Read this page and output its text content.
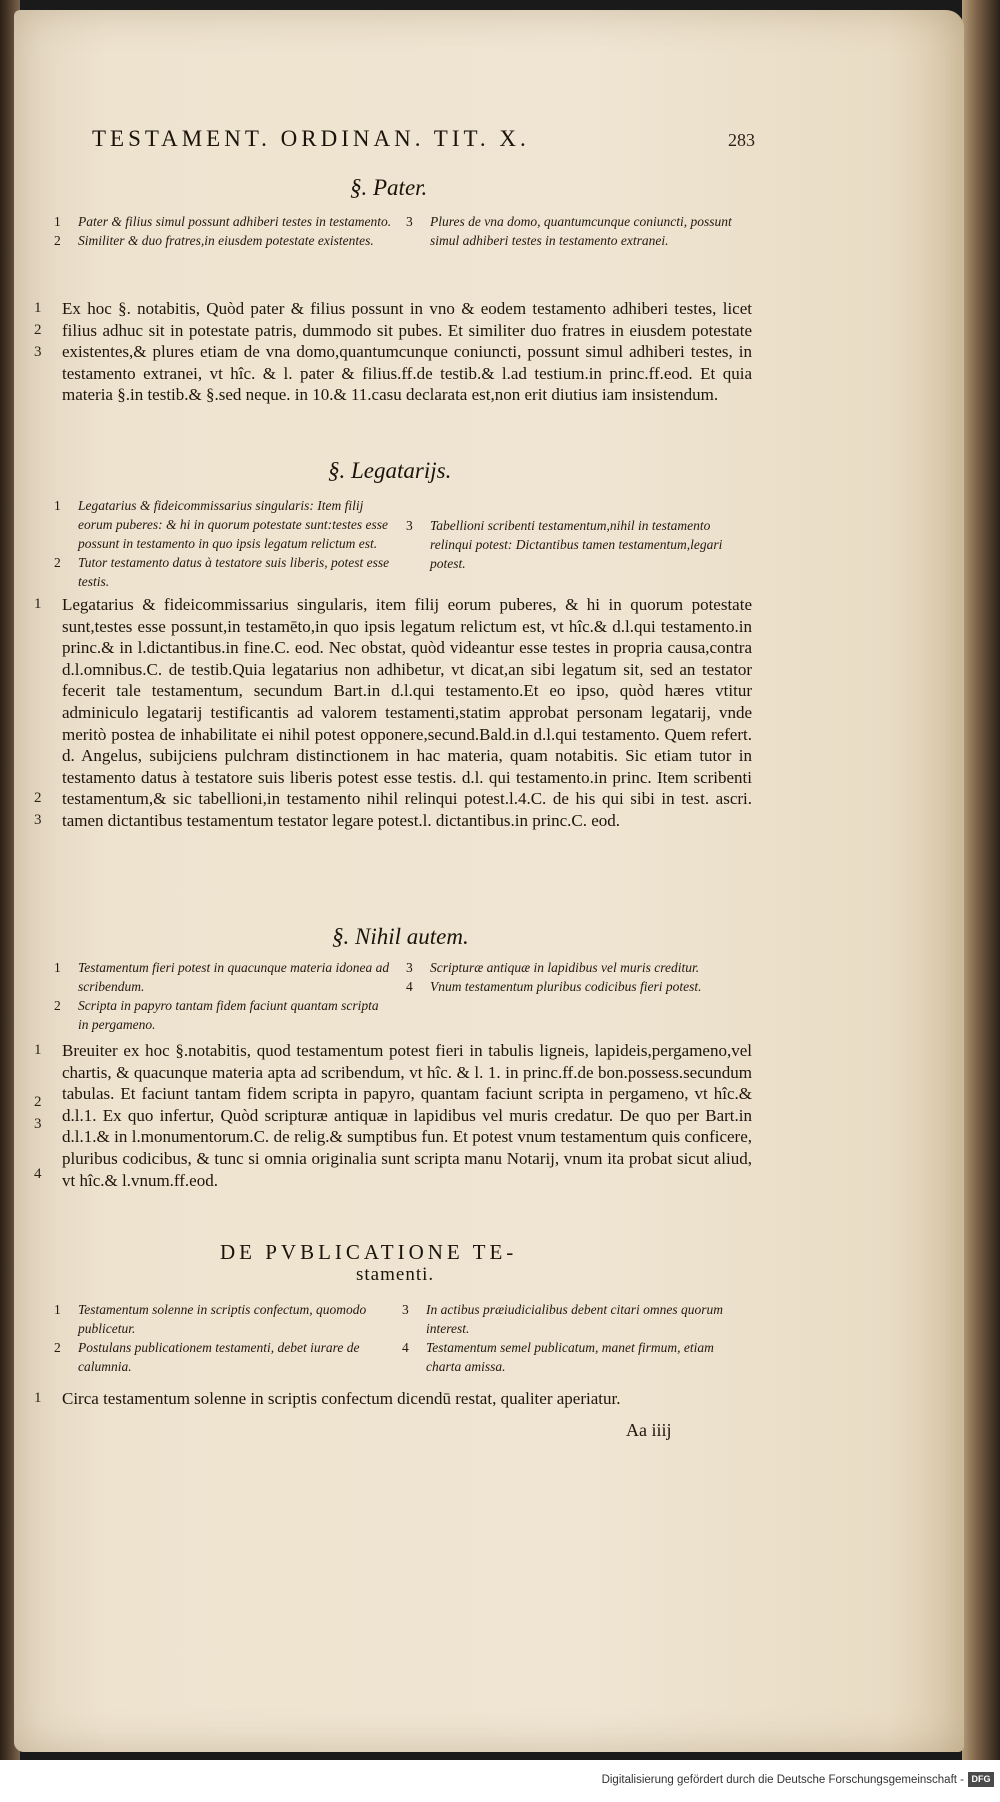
TESTAMENT. ORDINAN. TIT. X.	283
§. Pater.
1 Pater & filius simul possunt adhiberi testes in testamento.
2 Similiter & duo fratres,in eiusdem potestate existentes.
3 Plures de vna domo, quantumcunque coniuncti, possunt simul adhiberi testes in testamento extranei.
1
2
3
Ex hoc §. notabitis, Quòd pater & filius possunt in vno & eodem testamento adhiberi testes, licet filius adhuc sit in potestate patris, dummodo sit pubes. Et similiter duo fratres in eiusdem potestate existentes,& plures etiam de vna domo,quantumcunque coniuncti, possunt simul adhiberi testes, in testamento extranei, vt hîc. & l. pater & filius.ff.de testib.& l.ad testium.in princ.ff.eod. Et quia materia §.in testib.& §.sed neque. in 10.& 11.casu declarata est,non erit diutius iam insistendum.
§. Legatarijs.
1 Legatarius & fideicommissarius singularis: Item filij eorum puberes: & hi in quorum potestate sunt:testes esse possunt in testamento in quo ipsis legatum relictum est.
2 Tutor testamento datus à testatore suis liberis, potest esse testis.
3 Tabellioni scribenti testamentum,nihil in testamento relinqui potest: Dictantibus tamen testamentum,legari potest.
1
2
3
Legatarius & fideicommissarius singularis, item filij eorum puberes, & hi in quorum potestate sunt,testes esse possunt,in testamēto,in quo ipsis legatum relictum est, vt hîc.& d.l.qui testamento.in princ.& in l.dictantibus.in fine.C. eod. Nec obstat, quòd videantur esse testes in propria causa,contra d.l.omnibus.C. de testib.Quia legatarius non adhibetur, vt dicat,an sibi legatum sit, sed an testator fecerit tale testamentum, secundum Bart.in d.l.qui testamento.Et eo ipso, quòd hæres vtitur adminiculo legatarij testificantis ad valorem testamenti,statim approbat personam legatarij, vnde meritò postea de inhabilitate ei nihil potest opponere,secund.Bald.in d.l.qui testamento. Quem refert. d. Angelus, subijciens pulchram distinctionem in hac materia, quam notabitis. Sic etiam tutor in testamento datus à testatore suis liberis potest esse testis. d.l. qui testamento.in princ. Item scribenti testamentum,& sic tabellioni,in testamento nihil relinqui potest.l.4.C. de his qui sibi in test. ascri. tamen dictantibus testamentum testator legare potest.l. dictantibus.in princ.C. eod.
§. Nihil autem.
1 Testamentum fieri potest in quacunque materia idonea ad scribendum.
2 Scripta in papyro tantam fidem faciunt quantam scripta in pergameno.
3 Scripturæ antiquæ in lapidibus vel muris creditur.
4 Vnum testamentum pluribus codicibus fieri potest.
1
2
3
4
Breuiter ex hoc §.notabitis, quod testamentum potest fieri in tabulis ligneis, lapideis,pergameno,vel chartis, & quacunque materia apta ad scribendum, vt hîc. & l. 1. in princ.ff.de bon.possess.secundum tabulas. Et faciunt tantam fidem scripta in papyro, quantam faciunt scripta in pergameno, vt hîc.& d.l.1. Ex quo infertur, Quòd scripturæ antiquæ in lapidibus vel muris credatur. De quo per Bart.in d.l.1.& in l.monumentorum.C. de relig.& sumptibus fun. Et potest vnum testamentum quis conficere, pluribus codicibus, & tunc si omnia originalia sunt scripta manu Notarij, vnum ita probat sicut aliud, vt hîc.& l.vnum.ff.eod.
DE PVBLICATIONE TE-
stamenti.
1 Testamentum solenne in scriptis confectum, quomodo publicetur.
2 Postulans publicationem testamenti, debet iurare de calumnia.
3 In actibus præiudicialibus debent citari omnes quorum interest.
4 Testamentum semel publicatum, manet firmum, etiam charta amissa.
1 Circa testamentum solenne in scriptis confectum dicendū restat, qualiter aperiatur.
Aa iiij
Digitalisierung gefördert durch die Deutsche Forschungsgemeinschaft - DFG
